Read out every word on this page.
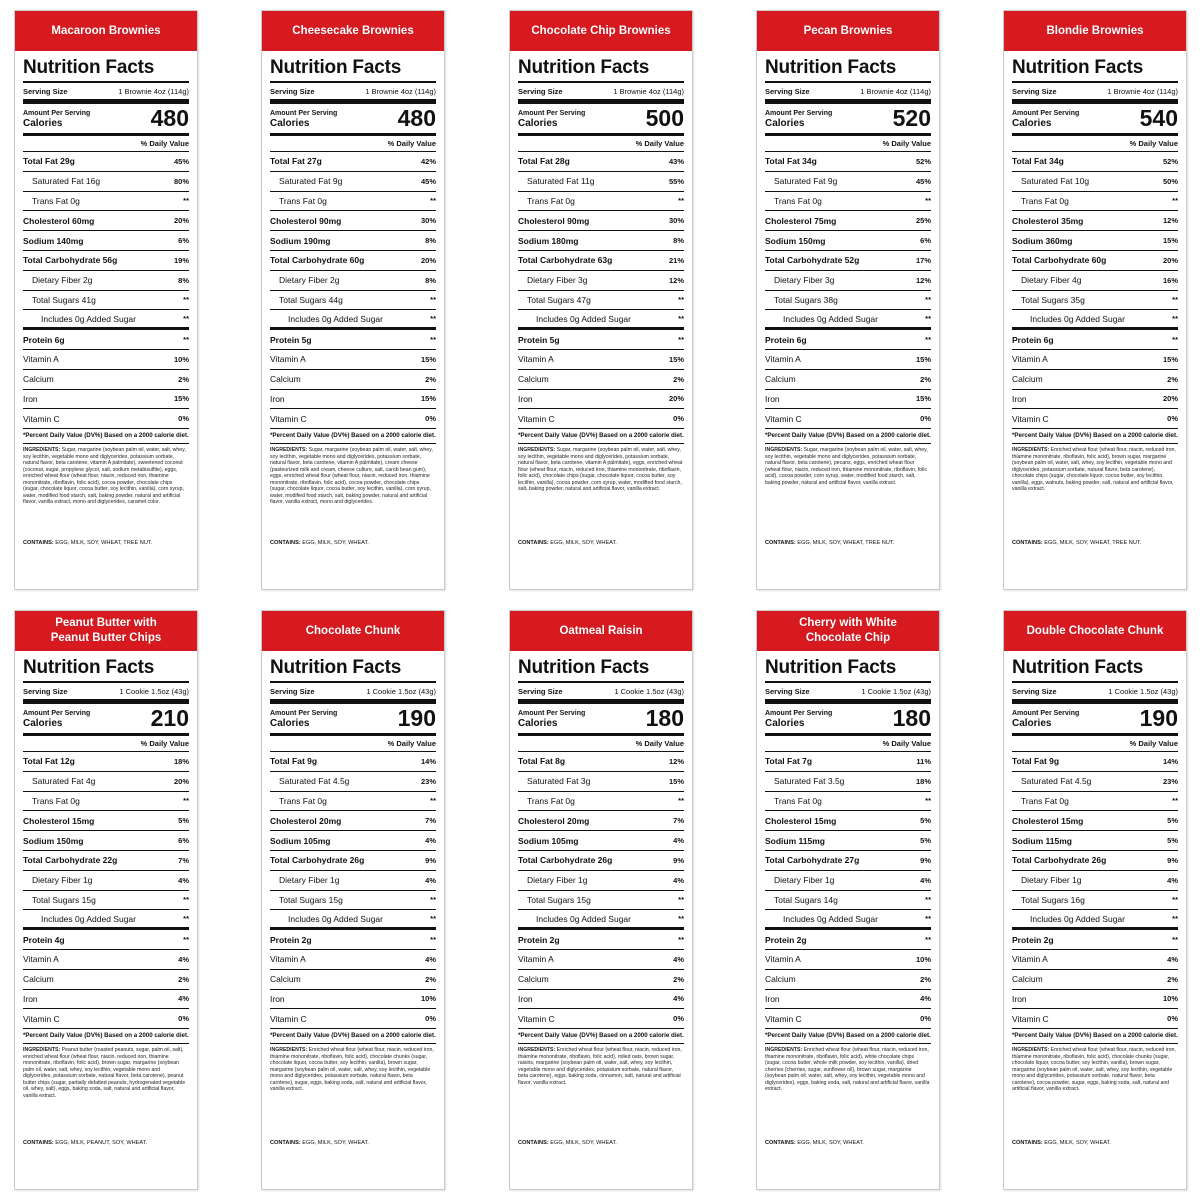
Macaroon Brownies
Nutrition Facts
Serving Size	1 Brownie 4oz (114g)
Amount Per Serving
Calories	480
% Daily Value
Total Fat 29g	45%
Saturated Fat 16g	80%
Trans Fat 0g	**
Cholesterol 60mg	20%
Sodium 140mg	6%
Total Carbohydrate 56g	19%
Dietary Fiber 2g	8%
Total Sugars 41g	**
Includes 0g Added Sugar	**
Protein 6g	**
Vitamin A	10%
Calcium	2%
Iron	15%
Vitamin C	0%
*Percent Daily Value (DV%) Based on a 2000 calorie diet.
INGREDIENTS: Sugar, margarine (soybean palm oil, water, salt, whey, soy lecithin, vegetable mono and diglycerides, potassium sorbate, natural flavor, beta carotene, vitamin A palmitate), sweetened coconut (coconut, sugar, propylene glycol, salt, sodium metabisulfite), eggs, enriched wheat flour (wheat flour, niacin, reduced iron, thiamine mononitrate, riboflavin, folic acid), cocoa powder, chocolate chips (sugar, chocolate liquor, cocoa butter, soy lecithin, vanilla), corn syrup, water, modified food starch, salt, baking powder, natural and artificial flavor, vanilla extract, mono and diglycerides, caramel color.
CONTAINS: EGG, MILK, SOY, WHEAT, TREE NUT.
Cheesecake Brownies
Nutrition Facts
Serving Size	1 Brownie 4oz (114g)
Amount Per Serving
Calories	480
% Daily Value
Total Fat 27g	42%
Saturated Fat 9g	45%
Trans Fat 0g	**
Cholesterol 90mg	30%
Sodium 190mg	8%
Total Carbohydrate 60g	20%
Dietary Fiber 2g	8%
Total Sugars 44g	**
Includes 0g Added Sugar	**
Protein 5g	**
Vitamin A	15%
Calcium	2%
Iron	15%
Vitamin C	0%
*Percent Daily Value (DV%) Based on a 2000 calorie diet.
INGREDIENTS: Sugar, margarine (soybean palm oil, water, salt, whey, soy lecithin, vegetable mono and diglycerides, potassium sorbate, natural flavor, beta carotene, vitamin A palmitate), cream cheese (pasteurized milk and cream, cheese culture, salt, carob bean gum), eggs, enriched wheat flour (wheat flour, niacin, reduced iron, thiamine mononitrate, riboflavin, folic acid), cocoa powder, chocolate chips (sugar, chocolate liquor, cocoa butter, soy lecithin, vanilla), corn syrup, water, modified food starch, salt, baking powder, natural and artificial flavor, vanilla extract, mono and diglycerides.
CONTAINS: EGG, MILK, SOY, WHEAT.
Chocolate Chip Brownies
Nutrition Facts
Serving Size	1 Brownie 4oz (114g)
Amount Per Serving
Calories	500
% Daily Value
Total Fat 28g	43%
Saturated Fat 11g	55%
Trans Fat 0g	**
Cholesterol 90mg	30%
Sodium 180mg	8%
Total Carbohydrate 63g	21%
Dietary Fiber 3g	12%
Total Sugars 47g	**
Includes 0g Added Sugar	**
Protein 5g	**
Vitamin A	15%
Calcium	2%
Iron	20%
Vitamin C	0%
*Percent Daily Value (DV%) Based on a 2000 calorie diet.
INGREDIENTS: Sugar, margarine (soybean palm oil, water, salt, whey, soy lecithin, vegetable mono and diglycerides, potassium sorbate, natural flavor, beta carotene, vitamin A palmitate), eggs, enriched wheat flour (wheat flour, niacin, reduced iron, thiamine mononitrate, riboflavin, folic acid), chocolate chips (sugar, chocolate liquor, cocoa butter, soy lecithin, vanilla), cocoa powder, corn syrup, water, modified food starch, salt, baking powder, natural and artificial flavor, vanilla extract.
CONTAINS: EGG, MILK, SOY, WHEAT.
Pecan Brownies
Nutrition Facts
Serving Size	1 Brownie 4oz (114g)
Amount Per Serving
Calories	520
% Daily Value
Total Fat 34g	52%
Saturated Fat 9g	45%
Trans Fat 0g	**
Cholesterol 75mg	25%
Sodium 150mg	6%
Total Carbohydrate 52g	17%
Dietary Fiber 3g	12%
Total Sugars 38g	**
Includes 0g Added Sugar	**
Protein 6g	**
Vitamin A	15%
Calcium	2%
Iron	15%
Vitamin C	0%
*Percent Daily Value (DV%) Based on a 2000 calorie diet.
INGREDIENTS: Sugar, margarine (soybean palm oil, water, salt, whey, soy lecithin, vegetable mono and diglycerides, potassium sorbate, natural flavor, beta carotene), pecans, eggs, enriched wheat flour (wheat flour, niacin, reduced iron, thiamine mononitrate, riboflavin, folic acid), cocoa powder, corn syrup, water, modified food starch, salt, baking powder, natural and artificial flavor, vanilla extract.
CONTAINS: EGG, MILK, SOY, WHEAT, TREE NUT.
Blondie Brownies
Nutrition Facts
Serving Size	1 Brownie 4oz (114g)
Amount Per Serving
Calories	540
% Daily Value
Total Fat 34g	52%
Saturated Fat 10g	50%
Trans Fat 0g	**
Cholesterol 35mg	12%
Sodium 360mg	15%
Total Carbohydrate 60g	20%
Dietary Fiber 4g	16%
Total Sugars 35g	**
Includes 0g Added Sugar	**
Protein 6g	**
Vitamin A	15%
Calcium	2%
Iron	20%
Vitamin C	0%
*Percent Daily Value (DV%) Based on a 2000 calorie diet.
INGREDIENTS: Enriched wheat flour (wheat flour, niacin, reduced iron, thiamine mononitrate, riboflavin, folic acid), brown sugar, margarine (soybean palm oil, water, salt, whey, soy lecithin, vegetable mono and diglycerides, potassium sorbate, natural flavor, beta carotene), chocolate chips (sugar, chocolate liquor, cocoa butter, soy lecithin, vanilla), eggs, walnuts, baking powder, salt, natural and artificial flavor, vanilla extract.
CONTAINS: EGG, MILK, SOY, WHEAT, TREE NUT.
Peanut Butter with
Peanut Butter Chips
Nutrition Facts
Serving Size	1 Cookie 1.5oz (43g)
Amount Per Serving
Calories	210
% Daily Value
Total Fat 12g	18%
Saturated Fat 4g	20%
Trans Fat 0g	**
Cholesterol 15mg	5%
Sodium 150mg	6%
Total Carbohydrate 22g	7%
Dietary Fiber 1g	4%
Total Sugars 15g	**
Includes 0g Added Sugar	**
Protein 4g	**
Vitamin A	4%
Calcium	2%
Iron	4%
Vitamin C	0%
*Percent Daily Value (DV%) Based on a 2000 calorie diet.
INGREDIENTS: Peanut butter (roasted peanuts, sugar, palm oil, salt), enriched wheat flour (wheat flour, niacin, reduced iron, thiamine mononitrate, riboflavin, folic acid), brown sugar, margarine (soybean palm oil, water, salt, whey, soy lecithin, vegetable mono and diglycerides, potassium sorbate, natural flavor, beta carotene), peanut butter chips (sugar, partially defatted peanuts, hydrogenated vegetable oil, whey, salt), eggs, baking soda, salt, natural and artificial flavor, vanilla extract.
CONTAINS: EGG, MILK, PEANUT, SOY, WHEAT.
Chocolate Chunk
Nutrition Facts
Serving Size	1 Cookie 1.5oz (43g)
Amount Per Serving
Calories	190
% Daily Value
Total Fat 9g	14%
Saturated Fat 4.5g	23%
Trans Fat 0g	**
Cholesterol 20mg	7%
Sodium 105mg	4%
Total Carbohydrate 26g	9%
Dietary Fiber 1g	4%
Total Sugars 15g	**
Includes 0g Added Sugar	**
Protein 2g	**
Vitamin A	4%
Calcium	2%
Iron	10%
Vitamin C	0%
*Percent Daily Value (DV%) Based on a 2000 calorie diet.
INGREDIENTS: Enriched wheat flour (wheat flour, niacin, reduced iron, thiamine mononitrate, riboflavin, folic acid), chocolate chunks (sugar, chocolate liquor, cocoa butter, soy lecithin, vanilla), brown sugar, margarine (soybean palm oil, water, salt, whey, soy lecithin, vegetable mono and diglycerides, potassium sorbate, natural flavor, beta carotene), sugar, eggs, baking soda, salt, natural and artificial flavor, vanilla extract.
CONTAINS: EGG, MILK, SOY, WHEAT.
Oatmeal Raisin
Nutrition Facts
Serving Size	1 Cookie 1.5oz (43g)
Amount Per Serving
Calories	180
% Daily Value
Total Fat 8g	12%
Saturated Fat 3g	15%
Trans Fat 0g	**
Cholesterol 20mg	7%
Sodium 105mg	4%
Total Carbohydrate 26g	9%
Dietary Fiber 1g	4%
Total Sugars 15g	**
Includes 0g Added Sugar	**
Protein 2g	**
Vitamin A	4%
Calcium	2%
Iron	4%
Vitamin C	0%
*Percent Daily Value (DV%) Based on a 2000 calorie diet.
INGREDIENTS: Enriched wheat flour (wheat flour, niacin, reduced iron, thiamine mononitrate, riboflavin, folic acid), rolled oats, brown sugar, raisins, margarine (soybean palm oil, water, salt, whey, soy lecithin, vegetable mono and diglycerides, potassium sorbate, natural flavor, beta carotene), eggs, baking soda, cinnamon, salt, natural and artificial flavor, vanilla extract.
CONTAINS: EGG, MILK, SOY, WHEAT.
Cherry with White
Chocolate Chip
Nutrition Facts
Serving Size	1 Cookie 1.5oz (43g)
Amount Per Serving
Calories	180
% Daily Value
Total Fat 7g	11%
Saturated Fat 3.5g	18%
Trans Fat 0g	**
Cholesterol 15mg	5%
Sodium 115mg	5%
Total Carbohydrate 27g	9%
Dietary Fiber 1g	4%
Total Sugars 14g	**
Includes 0g Added Sugar	**
Protein 2g	**
Vitamin A	10%
Calcium	2%
Iron	4%
Vitamin C	0%
*Percent Daily Value (DV%) Based on a 2000 calorie diet.
INGREDIENTS: Enriched wheat flour (wheat flour, niacin, reduced iron, thiamine mononitrate, riboflavin, folic acid), white chocolate chips (sugar, cocoa butter, whole milk powder, soy lecithin, vanilla), dried cherries (cherries, sugar, sunflower oil), brown sugar, margarine (soybean palm oil, water, salt, whey, soy lecithin, vegetable mono and diglycerides), eggs, baking soda, salt, natural and artificial flavor, vanilla extract.
CONTAINS: EGG, MILK, SOY, WHEAT.
Double Chocolate Chunk
Nutrition Facts
Serving Size	1 Cookie 1.5oz (43g)
Amount Per Serving
Calories	190
% Daily Value
Total Fat 9g	14%
Saturated Fat 4.5g	23%
Trans Fat 0g	**
Cholesterol 15mg	5%
Sodium 115mg	5%
Total Carbohydrate 26g	9%
Dietary Fiber 1g	4%
Total Sugars 16g	**
Includes 0g Added Sugar	**
Protein 2g	**
Vitamin A	4%
Calcium	2%
Iron	10%
Vitamin C	0%
*Percent Daily Value (DV%) Based on a 2000 calorie diet.
INGREDIENTS: Enriched wheat flour (wheat flour, niacin, reduced iron, thiamine mononitrate, riboflavin, folic acid), chocolate chunks (sugar, chocolate liquor, cocoa butter, soy lecithin, vanilla), brown sugar, margarine (soybean palm oil, water, salt, whey, soy lecithin, vegetable mono and diglycerides, potassium sorbate, natural flavor, beta carotene), cocoa powder, sugar, eggs, baking soda, salt, natural and artificial flavor, vanilla extract.
CONTAINS: EGG, MILK, SOY, WHEAT.
